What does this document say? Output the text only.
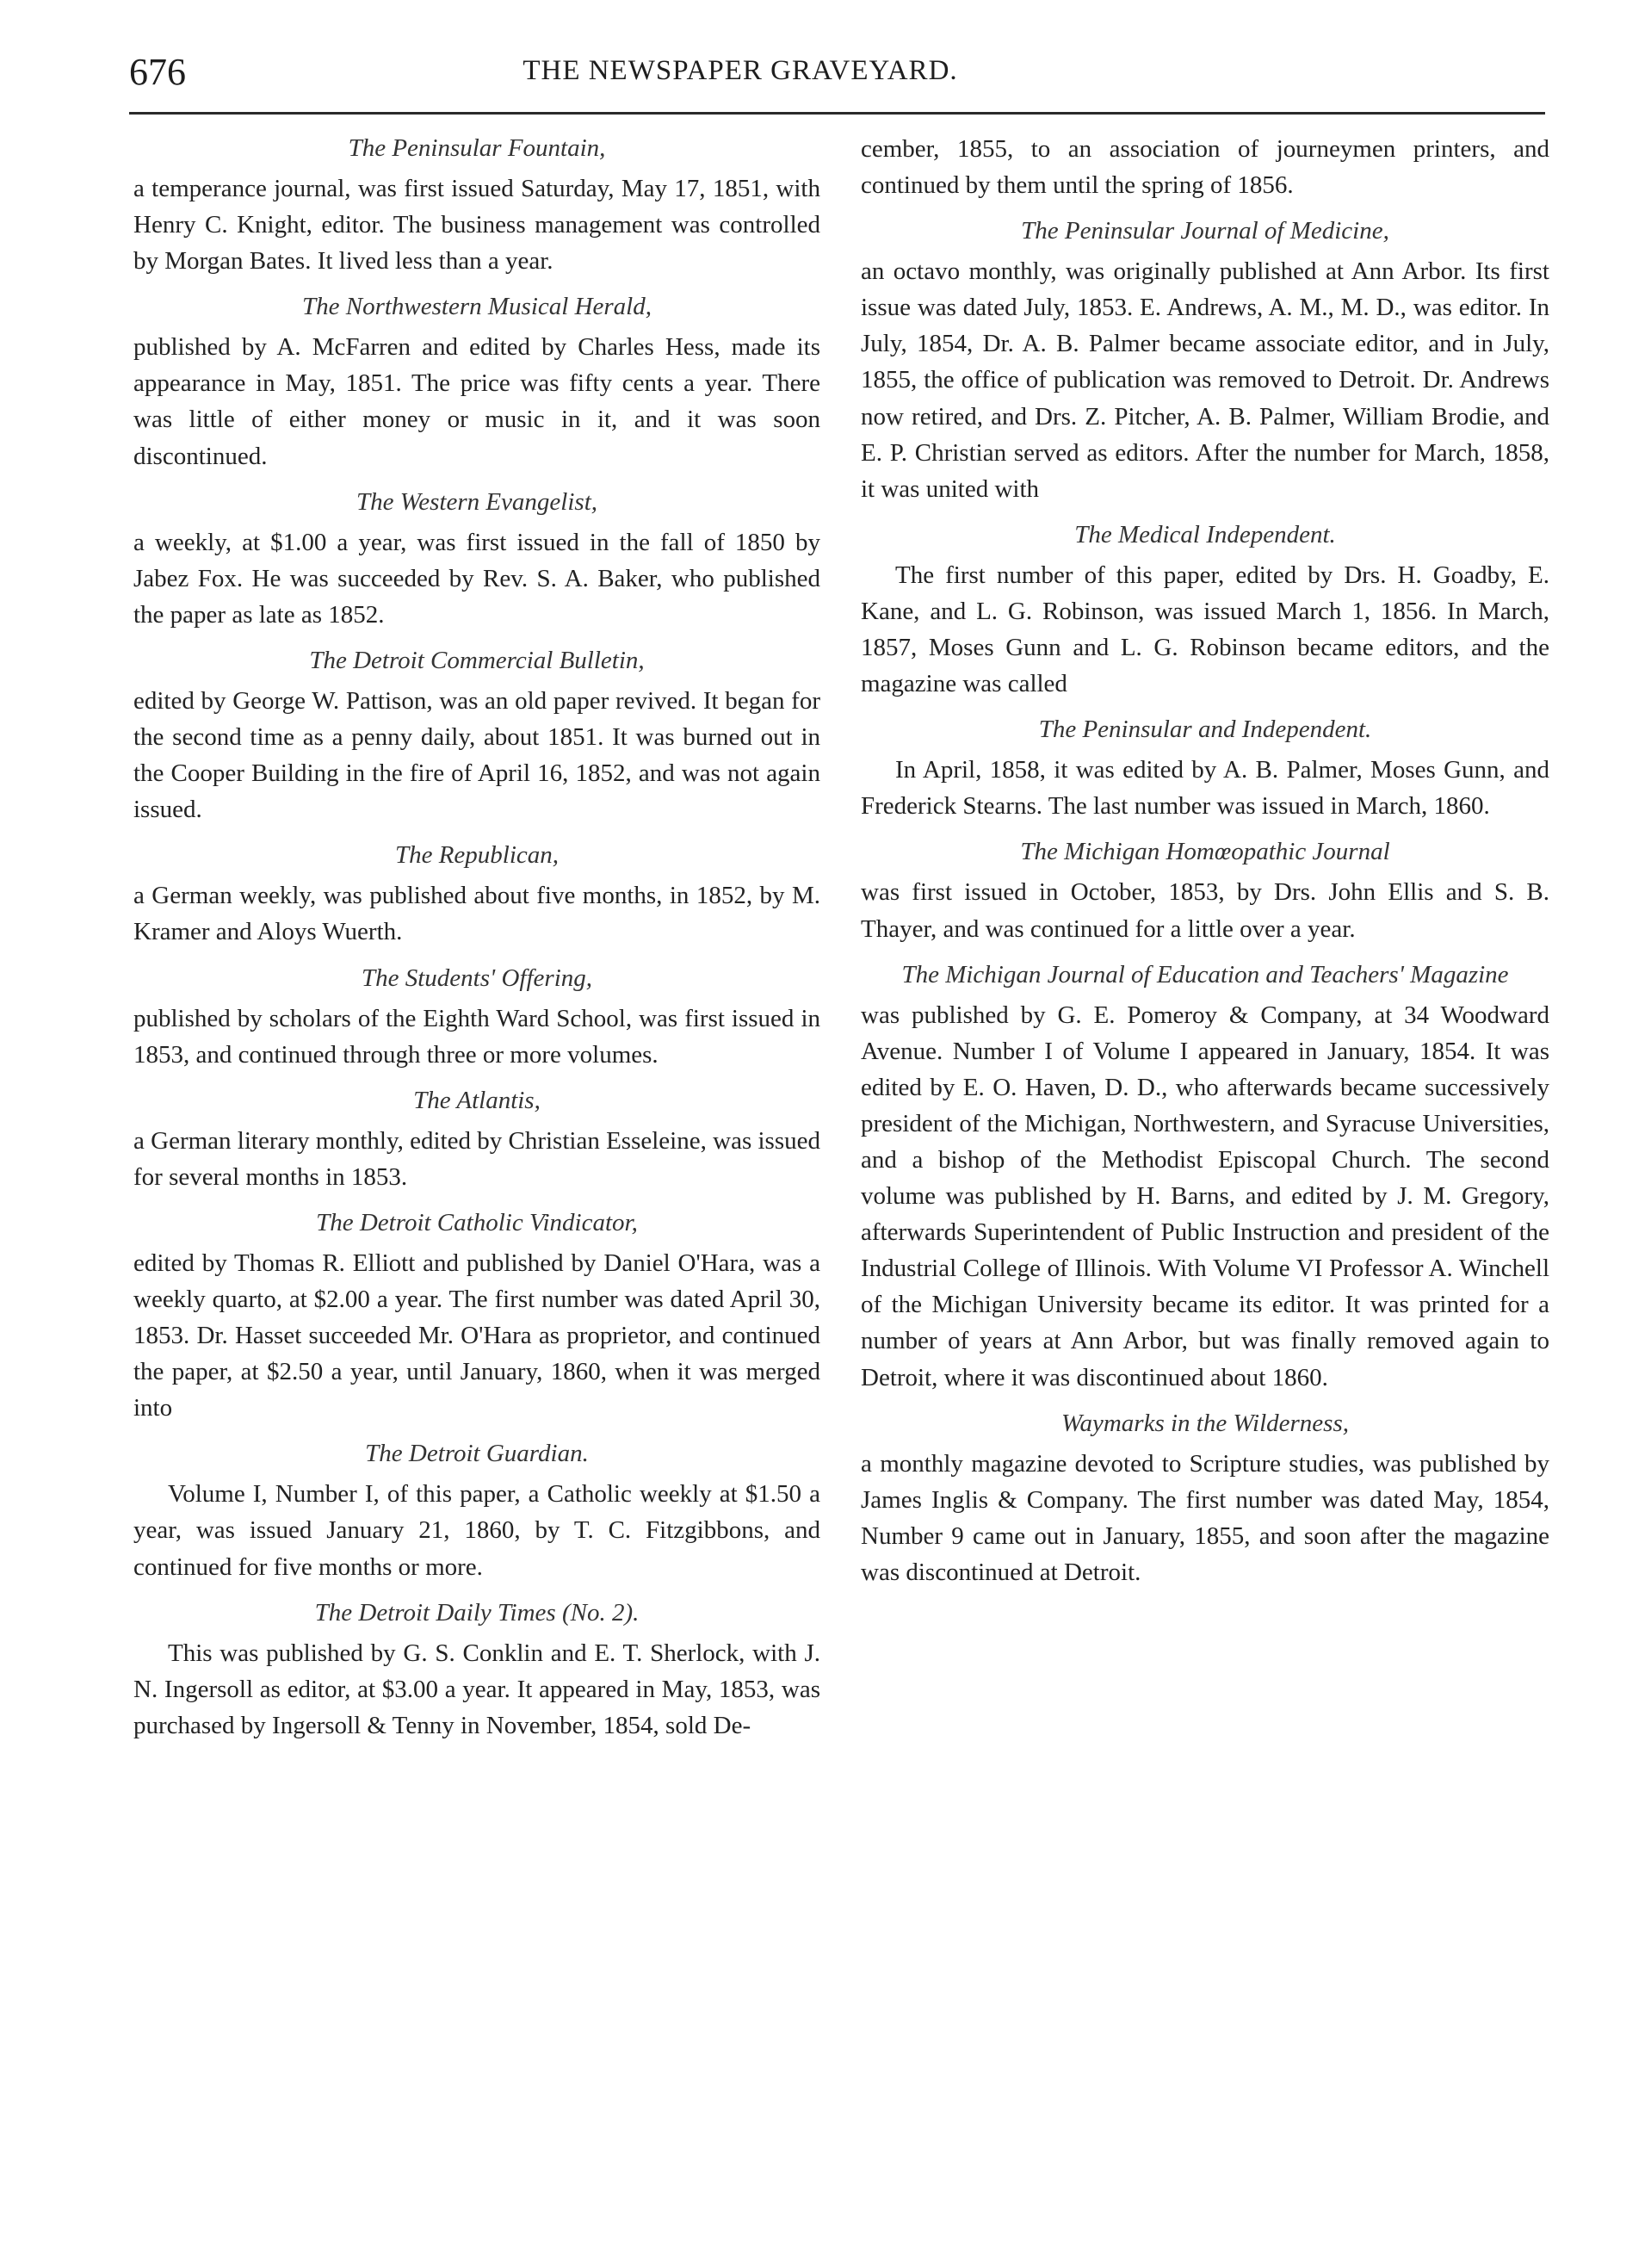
676	THE NEWSPAPER GRAVEYARD.

The Peninsular Fountain,

a temperance journal, was first issued Saturday, May 17, 1851, with Henry C. Knight, editor. The business management was controlled by Morgan Bates. It lived less than a year.

The Northwestern Musical Herald,

published by A. McFarren and edited by Charles Hess, made its appearance in May, 1851. The price was fifty cents a year. There was little of either money or music in it, and it was soon discontinued.

The Western Evangelist,

a weekly, at $1.00 a year, was first issued in the fall of 1850 by Jabez Fox. He was succeeded by Rev. S. A. Baker, who published the paper as late as 1852.

The Detroit Commercial Bulletin,

edited by George W. Pattison, was an old paper revived. It began for the second time as a penny daily, about 1851. It was burned out in the Cooper Building in the fire of April 16, 1852, and was not again issued.

The Republican,

a German weekly, was published about five months, in 1852, by M. Kramer and Aloys Wuerth.

The Students' Offering,

published by scholars of the Eighth Ward School, was first issued in 1853, and continued through three or more volumes.

The Atlantis,

a German literary monthly, edited by Christian Esseleine, was issued for several months in 1853.

The Detroit Catholic Vindicator,

edited by Thomas R. Elliott and published by Daniel O'Hara, was a weekly quarto, at $2.00 a year. The first number was dated April 30, 1853. Dr. Hasset succeeded Mr. O'Hara as proprietor, and continued the paper, at $2.50 a year, until January, 1860, when it was merged into

The Detroit Guardian.

Volume I, Number I, of this paper, a Catholic weekly at $1.50 a year, was issued January 21, 1860, by T. C. Fitzgibbons, and continued for five months or more.

The Detroit Daily Times (No. 2).

This was published by G. S. Conklin and E. T. Sherlock, with J. N. Ingersoll as editor, at $3.00 a year. It appeared in May, 1853, was purchased by Ingersoll & Tenny in November, 1854, sold De-

cember, 1855, to an association of journeymen printers, and continued by them until the spring of 1856.

The Peninsular Journal of Medicine,

an octavo monthly, was originally published at Ann Arbor. Its first issue was dated July, 1853. E. Andrews, A. M., M. D., was editor. In July, 1854, Dr. A. B. Palmer became associate editor, and in July, 1855, the office of publication was removed to Detroit. Dr. Andrews now retired, and Drs. Z. Pitcher, A. B. Palmer, William Brodie, and E. P. Christian served as editors. After the number for March, 1858, it was united with

The Medical Independent.

The first number of this paper, edited by Drs. H. Goadby, E. Kane, and L. G. Robinson, was issued March 1, 1856. In March, 1857, Moses Gunn and L. G. Robinson became editors, and the magazine was called

The Peninsular and Independent.

In April, 1858, it was edited by A. B. Palmer, Moses Gunn, and Frederick Stearns. The last number was issued in March, 1860.

The Michigan Homœopathic Journal

was first issued in October, 1853, by Drs. John Ellis and S. B. Thayer, and was continued for a little over a year.

The Michigan Journal of Education and Teachers' Magazine

was published by G. E. Pomeroy & Company, at 34 Woodward Avenue. Number I of Volume I appeared in January, 1854. It was edited by E. O. Haven, D. D., who afterwards became successively president of the Michigan, Northwestern, and Syracuse Universities, and a bishop of the Methodist Episcopal Church. The second volume was published by H. Barns, and edited by J. M. Gregory, afterwards Superintendent of Public Instruction and president of the Industrial College of Illinois. With Volume VI Professor A. Winchell of the Michigan University became its editor. It was printed for a number of years at Ann Arbor, but was finally removed again to Detroit, where it was discontinued about 1860.

Waymarks in the Wilderness,

a monthly magazine devoted to Scripture studies, was published by James Inglis & Company. The first number was dated May, 1854, Number 9 came out in January, 1855, and soon after the magazine was discontinued at Detroit.
